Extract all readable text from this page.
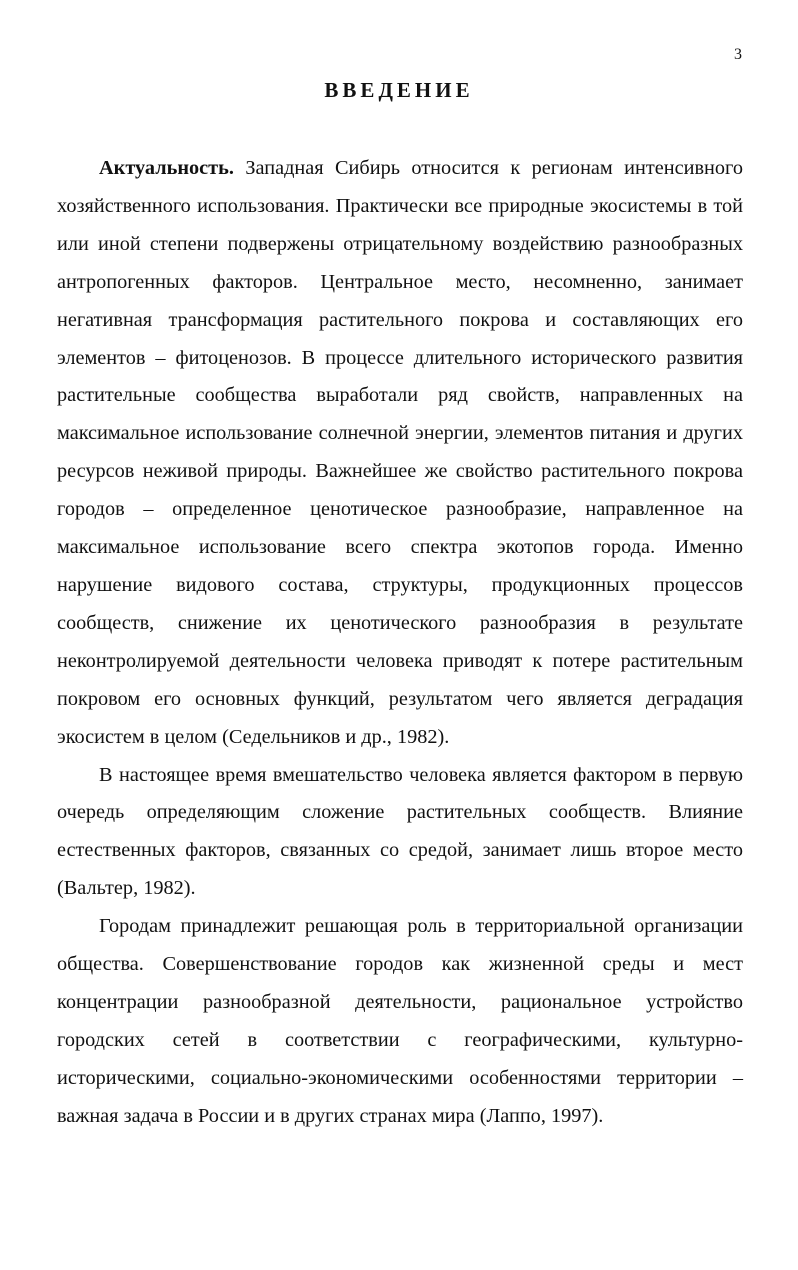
3
ВВЕДЕНИЕ

Актуальность. Западная Сибирь относится к регионам интенсивного хозяйственного использования. Практически все природные экосистемы в той или иной степени подвержены отрицательному воздействию разнообразных антропогенных факторов. Центральное место, несомненно, занимает негативная трансформация растительного покрова и составляющих его элементов – фитоценозов. В процессе длительного исторического развития растительные сообщества выработали ряд свойств, направленных на максимальное использование солнечной энергии, элементов питания и других ресурсов неживой природы. Важнейшее же свойство растительного покрова городов – определенное ценотическое разнообразие, направленное на максимальное использование всего спектра экотопов города. Именно нарушение видового состава, структуры, продукционных процессов сообществ, снижение их ценотического разнообразия в результате неконтролируемой деятельности человека приводят к потере растительным покровом его основных функций, результатом чего является деградация экосистем в целом (Седельников и др., 1982).

В настоящее время вмешательство человека является фактором в первую очередь определяющим сложение растительных сообществ. Влияние естественных факторов, связанных со средой, занимает лишь второе место (Вальтер, 1982).

Городам принадлежит решающая роль в территориальной организации общества. Совершенствование городов как жизненной среды и мест концентрации разнообразной деятельности, рациональное устройство городских сетей в соответствии с географическими, культурно-историческими, социально-экономическими особенностями территории – важная задача в России и в других странах мира (Лаппо, 1997).
